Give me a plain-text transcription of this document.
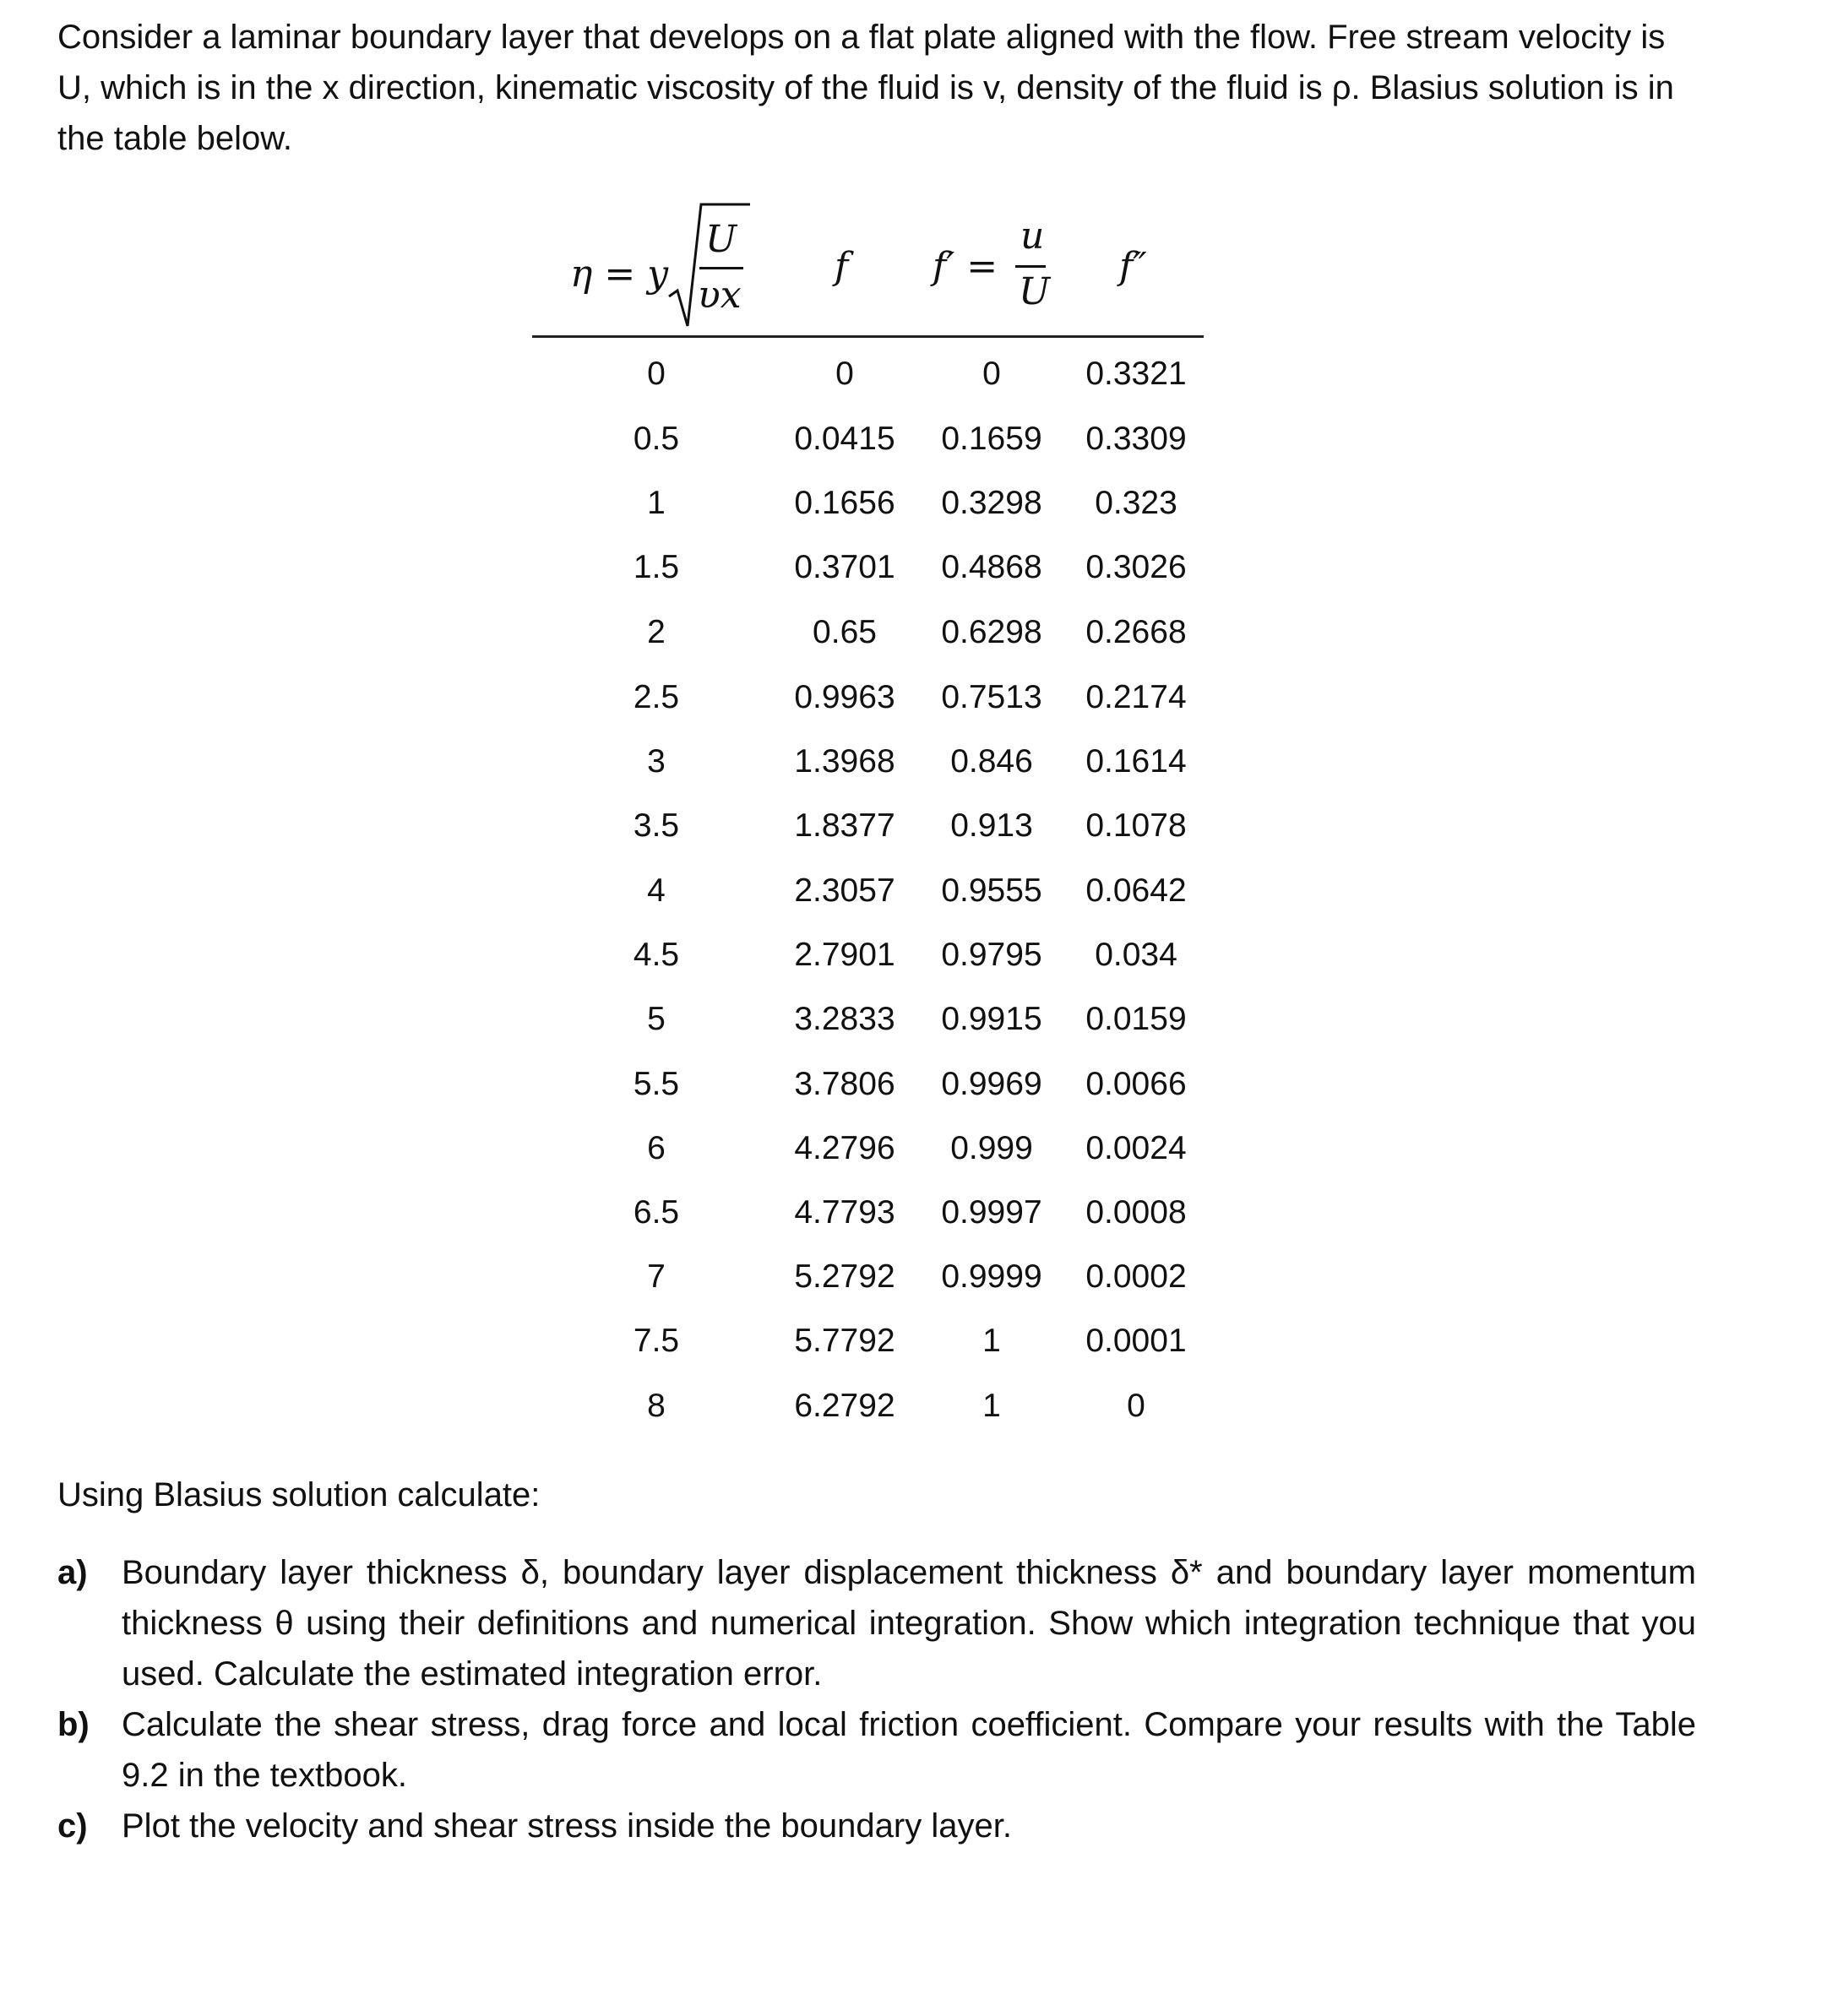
Consider a laminar boundary layer that develops on a flat plate aligned with the flow. Free stream velocity is U, which is in the x direction, kinematic viscosity of the fluid is v, density of the fluid is ρ. Blasius solution is in the table below.

η = y
U
υx
f f′ =
u
U
f″
0	0	0	0.3321
0.5	0.0415	0.1659	0.3309
1	0.1656	0.3298	0.323
1.5	0.3701	0.4868	0.3026
2	0.65	0.6298	0.2668
2.5	0.9963	0.7513	0.2174
3	1.3968	0.846	0.1614
3.5	1.8377	0.913	0.1078
4	2.3057	0.9555	0.0642
4.5	2.7901	0.9795	0.034
5	3.2833	0.9915	0.0159
5.5	3.7806	0.9969	0.0066
6	4.2796	0.999	0.0024
6.5	4.7793	0.9997	0.0008
7	5.2792	0.9999	0.0002
7.5	5.7792	1	0.0001
8	6.2792	1	0

Using Blasius solution calculate:

a) Boundary layer thickness δ, boundary layer displacement thickness δ* and boundary layer momentum thickness θ using their definitions and numerical integration. Show which integration technique that you used. Calculate the estimated integration error.
b) Calculate the shear stress, drag force and local friction coefficient. Compare your results with the Table 9.2 in the textbook.
c) Plot the velocity and shear stress inside the boundary layer.
